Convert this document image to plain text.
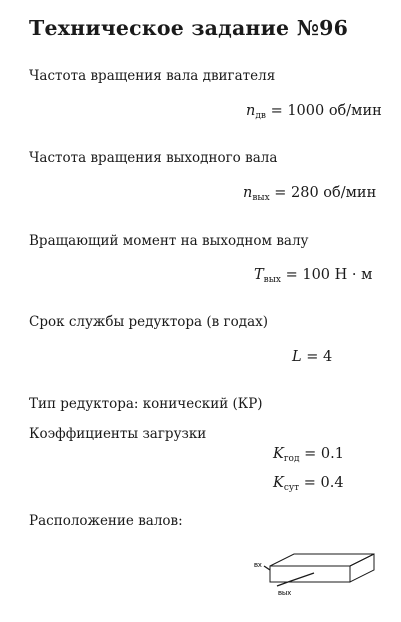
Техническое задание №96
Частота вращения вала двигателя
$n_{дв} = 1000$ об/мин
Частота вращения выходного вала
$n_{вых} = 280$ об/мин
Вращающий момент на выходном валу
$T_{вых} = 100$ Н · м
Срок службы редуктора (в годах)
L = 4
Тип редуктора: конический (КР)
Коэффициенты загрузки
$K_{год} = 0.1$
$K_{сут} = 0.4$
Расположение валов:
вх
вых
